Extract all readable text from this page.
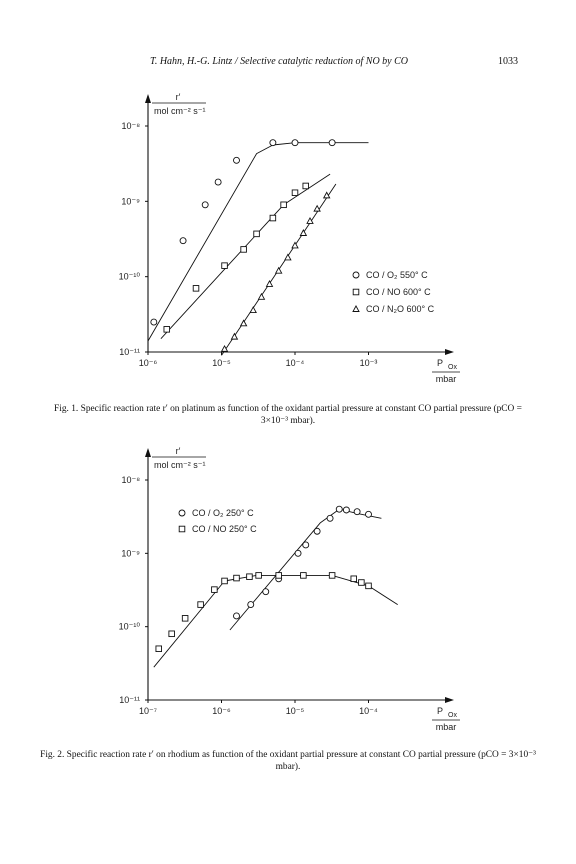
T. Hahn, H.-G. Lintz / Selective catalytic reduction of NO by CO	1033
r′
mol cm⁻² s⁻¹
10⁻⁸
10⁻⁹
10⁻¹⁰
10⁻¹¹
10⁻⁶	10⁻⁵	10⁻⁴	10⁻³	P Ox
mbar
CO / O₂ 550° C
CO / NO 600° C
CO / N₂O 600° C
Fig. 1. Specific reaction rate r′ on platinum as function of the oxidant partial pressure at constant CO partial pressure (pCO = 3×10⁻³ mbar).
r′
mol cm⁻² s⁻¹
10⁻⁸
10⁻⁹
10⁻¹⁰
10⁻¹¹
10⁻⁷	10⁻⁶	10⁻⁵	10⁻⁴	P Ox
mbar
CO / O₂ 250° C
CO / NO 250° C
Fig. 2. Specific reaction rate r′ on rhodium as function of the oxidant partial pressure at constant CO partial pressure (pCO = 3×10⁻³ mbar).
